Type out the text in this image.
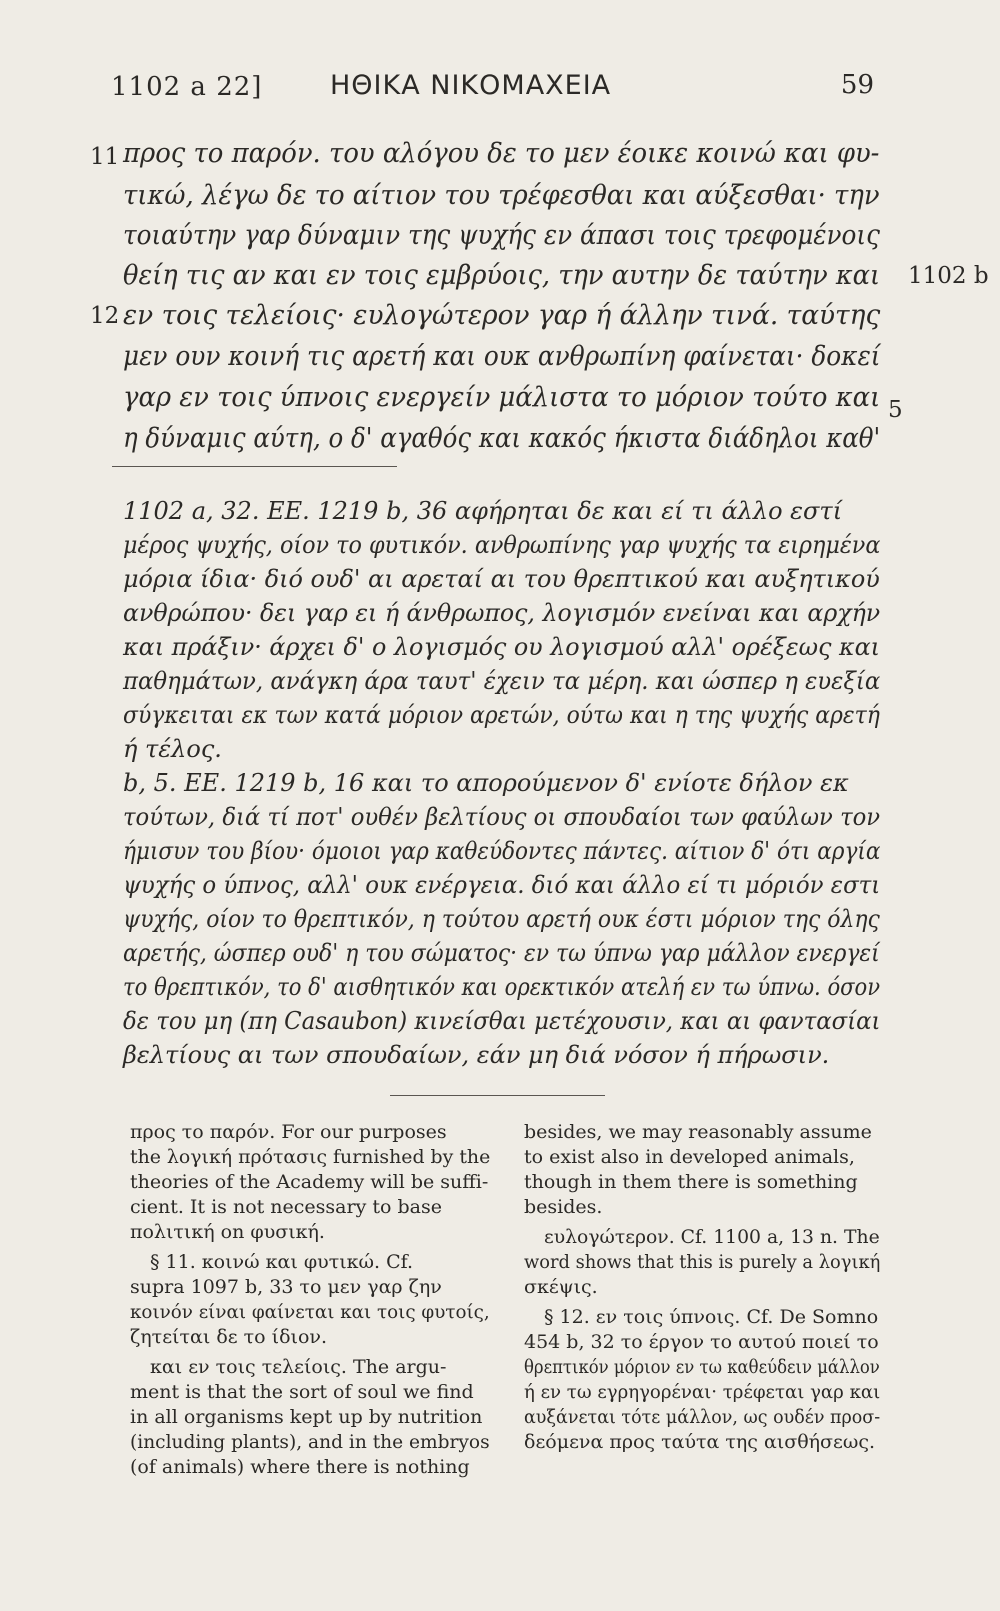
1102 a 22]	ΗΘΙΚΑ ΝΙΚΟΜΑΧΕΙΑ	59
11
12
1102 b
5
προς το παρόν. του αλόγου δε το μεν έοικε κοινώ και φυ-
τικώ, λέγω δε το αίτιον του τρέφεσθαι και αύξεσθαι· την
τοιαύτην γαρ δύναμιν της ψυχής εν άπασι τοις τρεφομένοις
θείη τις αν και εν τοις εμβρύοις, την αυτην δε ταύτην και
εν τοις τελείοις· ευλογώτερον γαρ ή άλλην τινά. ταύτης
μεν ουν κοινή τις αρετή και ουκ ανθρωπίνη φαίνεται· δοκεί
γαρ εν τοις ύπνοις ενεργείν μάλιστα το μόριον τούτο και
1102 a, 32. EE. 1219 b, 36 αφήρηται δε και εί τι άλλο εστί
μέρος ψυχής, οίον το φυτικόν. ανθρωπίνης γαρ ψυχής τα ειρημένα
μόρια ίδια· διό ουδ' αι αρεταί αι του θρεπτικού και αυξητικού
ανθρώπου· δει γαρ ει ή άνθρωπος, λογισμόν ενείναι και αρχήν
και πράξιν· άρχει δ' ο λογισμός ου λογισμού αλλ' ορέξεως και
παθημάτων, ανάγκη άρα ταυτ' έχειν τα μέρη. και ώσπερ η ευεξία
σύγκειται εκ των κατά μόριον αρετών, ούτω και η της ψυχής αρετή
ή τέλος.
b, 5. EE. 1219 b, 16 και το απορούμενον δ' ενίοτε δήλον εκ
τούτων, διά τί ποτ' ουθέν βελτίους οι σπουδαίοι των φαύλων τον
ήμισυν του βίου· όμοιοι γαρ καθεύδοντες πάντες. αίτιον δ' ότι αργία
ψυχής ο ύπνος, αλλ' ουκ ενέργεια. διό και άλλο εί τι μόριόν εστι
ψυχής, οίον το θρεπτικόν, η τούτου αρετή ουκ έστι μόριον της όλης
αρετής, ώσπερ ουδ' η του σώματος· εν τω ύπνω γαρ μάλλον ενεργεί
το θρεπτικόν, το δ' αισθητικόν και ορεκτικόν ατελή εν τω ύπνω. όσον
δε του μη (πη Casaubon) κινείσθαι μετέχουσιν, και αι φαντασίαι
βελτίους αι των σπουδαίων, εάν μη διά νόσον ή πήρωσιν.
προς το παρόν. For our purposes
the λογική πρότασις furnished by the
theories of the Academy will be suffi-
cient. It is not necessary to base
πολιτική on φυσική.
§ 11. κοινώ και φυτικώ. Cf.
supra 1097 b, 33 το μεν γαρ ζην
κοινόν είναι φαίνεται και τοις φυτοίς,
ζητείται δε το ίδιον.
και εν τοις τελείοις. The argu-
ment is that the sort of soul we find
in all organisms kept up by nutrition
(including plants), and in the embryos
(of animals) where there is nothing
besides, we may reasonably assume
to exist also in developed animals,
though in them there is something
besides.
ευλογώτερον. Cf. 1100 a, 13 n. The
word shows that this is purely a λογική
σκέψις.
§ 12. εν τοις ύπνοις. Cf. De Somno
454 b, 32 το έργον το αυτού ποιεί το
θρεπτικόν μόριον εν τω καθεύδειν μάλλον
ή εν τω εγρηγορέναι· τρέφεται γαρ και
αυξάνεται τότε μάλλον, ως ουδέν προσ-
δεόμενα προς ταύτα της αισθήσεως.
η δύναμις αύτη, ο δ' αγαθός και κακός ήκιστα διάδηλοι καθ'
